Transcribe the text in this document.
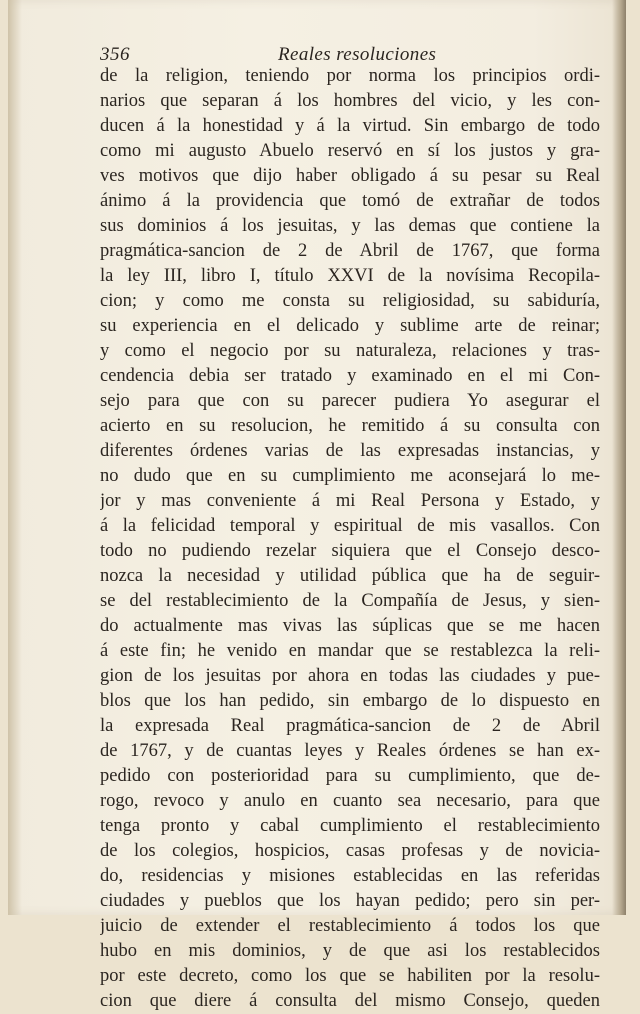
356	Reales resoluciones
de la religion, teniendo por norma los principios ordi-
narios que separan á los hombres del vicio, y les con-
ducen á la honestidad y á la virtud. Sin embargo de todo
como mi augusto Abuelo reservó en sí los justos y gra-
ves motivos que dijo haber obligado á su pesar su Real
ánimo á la providencia que tomó de extrañar de todos
sus dominios á los jesuitas, y las demas que contiene la
pragmática-sancion de 2 de Abril de 1767, que forma
la ley III, libro I, título XXVI de la novísima Recopila-
cion; y como me consta su religiosidad, su sabiduría,
su experiencia en el delicado y sublime arte de reinar;
y como el negocio por su naturaleza, relaciones y tras-
cendencia debia ser tratado y examinado en el mi Con-
sejo para que con su parecer pudiera Yo asegurar el
acierto en su resolucion, he remitido á su consulta con
diferentes órdenes varias de las expresadas instancias, y
no dudo que en su cumplimiento me aconsejará lo me-
jor y mas conveniente á mi Real Persona y Estado, y
á la felicidad temporal y espiritual de mis vasallos. Con
todo no pudiendo rezelar siquiera que el Consejo desco-
nozca la necesidad y utilidad pública que ha de seguir-
se del restablecimiento de la Compañía de Jesus, y sien-
do actualmente mas vivas las súplicas que se me hacen
á este fin; he venido en mandar que se restablezca la reli-
gion de los jesuitas por ahora en todas las ciudades y pue-
blos que los han pedido, sin embargo de lo dispuesto en
la expresada Real pragmática-sancion de 2 de Abril
de 1767, y de cuantas leyes y Reales órdenes se han ex-
pedido con posterioridad para su cumplimiento, que de-
rogo, revoco y anulo en cuanto sea necesario, para que
tenga pronto y cabal cumplimiento el restablecimiento
de los colegios, hospicios, casas profesas y de novicia-
do, residencias y misiones establecidas en las referidas
ciudades y pueblos que los hayan pedido; pero sin per-
juicio de extender el restablecimiento á todos los que
hubo en mis dominios, y de que asi los restablecidos
por este decreto, como los que se habiliten por la resolu-
cion que diere á consulta del mismo Consejo, queden
